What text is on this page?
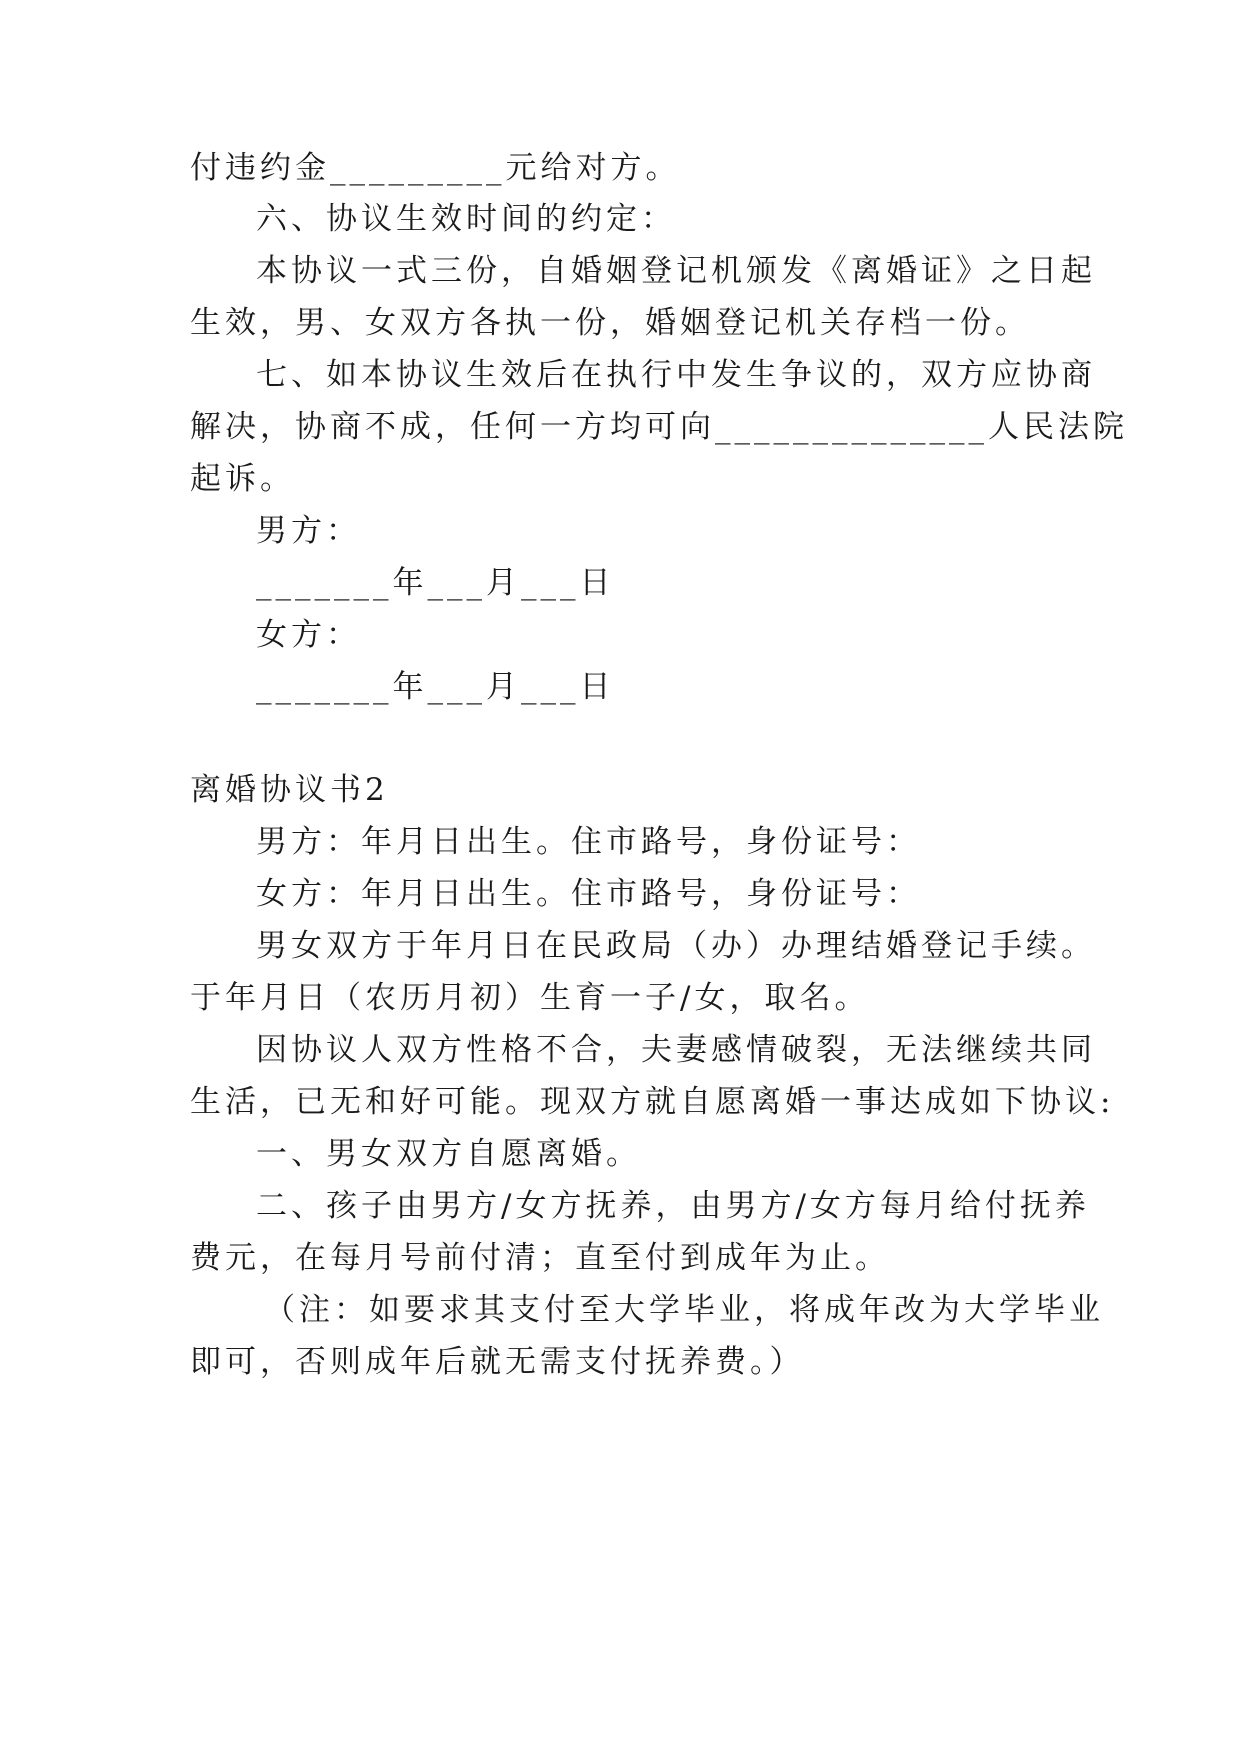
付违约金_________元给对方。
六、协议生效时间的约定：
本协议一式三份，自婚姻登记机颁发《离婚证》之日起
生效，男、女双方各执一份，婚姻登记机关存档一份。
七、如本协议生效后在执行中发生争议的，双方应协商
解决，协商不成，任何一方均可向______________人民法院
起诉。
男方：
_______年___月___日
女方：
_______年___月___日
离婚协议书2
男方：年月日出生。住市路号，身份证号：
女方：年月日出生。住市路号，身份证号：
男女双方于年月日在民政局（办）办理结婚登记手续。
于年月日（农历月初）生育一子/女，取名。
因协议人双方性格不合，夫妻感情破裂，无法继续共同
生活，已无和好可能。现双方就自愿离婚一事达成如下协议:
一、男女双方自愿离婚。
二、孩子由男方/女方抚养，由男方/女方每月给付抚养
费元，在每月号前付清；直至付到成年为止。
（注：如要求其支付至大学毕业，将成年改为大学毕业
即可，否则成年后就无需支付抚养费。）
